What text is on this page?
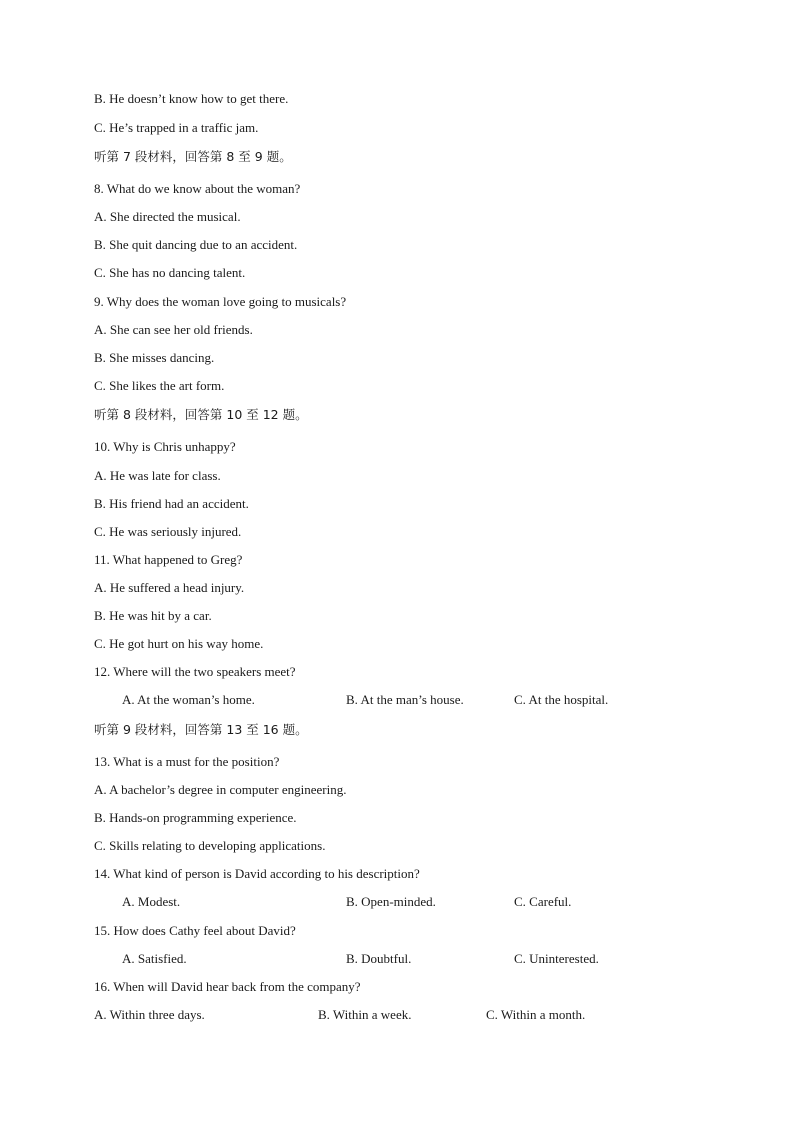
B. He doesn’t know how to get there.
C. He’s trapped in a traffic jam.
听第 7 段材料，回答第 8 至 9 题。
8. What do we know about the woman?
A. She directed the musical.
B. She quit dancing due to an accident.
C. She has no dancing talent.
9. Why does the woman love going to musicals?
A. She can see her old friends.
B. She misses dancing.
C. She likes the art form.
听第 8 段材料，回答第 10 至 12 题。
10. Why is Chris unhappy?
A. He was late for class.
B. His friend had an accident.
C. He was seriously injured.
11. What happened to Greg?
A. He suffered a head injury.
B. He was hit by a car.
C. He got hurt on his way home.
12. Where will the two speakers meet?
A. At the woman’s home.	B. At the man’s house.	C. At the hospital.
听第 9 段材料，回答第 13 至 16 题。
13. What is a must for the position?
A. A bachelor’s degree in computer engineering.
B. Hands-on programming experience.
C. Skills relating to developing applications.
14. What kind of person is David according to his description?
A. Modest.	B. Open-minded.	C. Careful.
15. How does Cathy feel about David?
A. Satisfied.	B. Doubtful.	C. Uninterested.
16. When will David hear back from the company?
A. Within three days.	B. Within a week.	C. Within a month.
